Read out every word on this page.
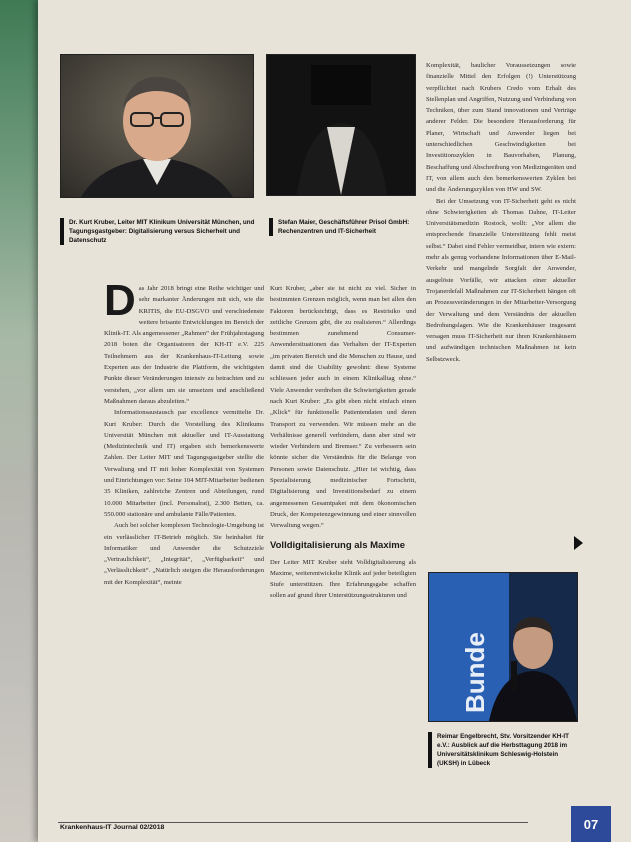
Dr. Kurt Kruber, Leiter MIT Klinikum Universität München, und Tagungsgastgeber: Digitalisierung versus Sicherheit und Datenschutz
Stefan Maier, Geschäftsführer Prisol GmbH: Rechenzentren und IT-Sicherheit

Das Jahr 2018 bringt eine Reihe wichtiger und sehr markanter Änderungen mit sich, wie die KRITIS, die EU-DSGVO und verschiedenste weitere brisante Entwicklungen im Bereich der Klinik-IT. Als angemessener „Rahmen“ der Frühjahrstagung 2018 boten die Organisatoren der KH-IT e.V. 225 Teilnehmern aus der Krankenhaus-IT-Leitung sowie Experten aus der Industrie die Plattform, die wichtigsten Punkte dieser Veränderungen intensiv zu betrachten und zu verstehen, „vor allem um sie umsetzen und anschließend Maßnahmen daraus abzuleiten.“

Informationsaustausch par excellence vermittelte Dr. Kurt Kruber: Durch die Vorstellung des Klinikums Universität München mit aktueller und IT-Ausstattung (Medizintechnik und IT) ergaben sich bemerkenswerte Zahlen. Der Leiter MIT und Tagungsgastgeber stellte die Verwaltung und IT mit hoher Komplexität von Systemen und Einrichtungen vor: Seine 104 MIT-Mitarbeiter bedienen 35 Kliniken, zahlreiche Zentren und Abteilungen, rund 10.000 Mitarbeiter (incl. Personalrat), 2.300 Betten, ca. 550.000 stationäre und ambulante Fälle/Patienten.

Auch bei solcher komplexen Technologie-Umgebung ist ein verlässlicher IT-Betrieb möglich. Sie beinhaltet für Informatiker und Anwender die Schutzziele „Vertraulichkeit“, „Integrität“, „Verfügbarkeit“ und „Verlässlichkeit“. „Natürlich steigen die Herausforderungen mit der Komplexität“, meinte

Kurt Kruber, „aber sie ist nicht zu viel. Sicher in bestimmten Grenzen möglich, wenn man bei allen den Faktoren berücksichtigt, dass es Restrisiko und zeitliche Grenzen gibt, die zu realisieren.“ Allerdings bestimmen zunehmend Consumer-Anwendersituationen das Verhalten der IT-Experten „im privaten Bereich und die Menschen zu Hause, und damit sind die Usability gewohnt: diese Systeme schliessen jeder auch in einem Klinikalltag ohne.“ Viele Anwender verdrehen die Schwierigkeiten gerade nach Kurt Kruber: „Es gibt eben nicht einfach einen „Klick“ für funktionelle Patientendaten und deren Transport zu verwenden. Wir müssen mehr an die Verhältnisse generell verhindern, dann aber sind wir wieder Verhindern und Bremser.“ Zu verbessern sein könnte sicher die Verständnis für die Belange von Personen sowie Datenschutz. „Hier ist wichtig, dass Spezialisierung medizinischer Fortschritt, Digitalisierung und Investitionsbedarf zu einem angemessenen Gesamtpaket mit dem ökonomischen Druck, der Kompetenzgewinnung und einer sinnvollen Verwaltung wegen.“

Volldigitalisierung als Maxime

Der Leiter MIT Kruber sieht Volldigitalisierung als Maxime, weiterentwickelte Klinik auf jeder beteiligten Stufe unterstützen. Ihre Erfahrungsgabe schaffen sollen auf grund ihrer Unterstützungsstrukturen und

Komplexität, baulicher Voraussetzungen sowie finanzielle Mittel den Erfolgen (!) Unterstützung verpflichtet nach Krubers Credo vom Erhalt des Stellenplan und Angriffen, Nutzung und Verbindung von Techniken, über zum Stand innovationen und Verträge anderer Felder. Die besondere Herausforderung für Planer, Wirtschaft und Anwender liegen bei unterschiedlichen Geschwindigkeiten bei Investitionszyklen in Bauvorhaben, Planung, Beschaffung und Abschreibung von Medizingeräten und IT, von allem auch den bemerkenswerten Zyklen bei und die Änderungszyklen von HW und SW.

Bei der Umsetzung von IT-Sicherheit geht es nicht ohne Schwierigkeiten ab Thomas Dahne, IT-Leiter Universitätsmedizin Rostock, wollt: „Vor allem die entsprechende finanzielle Unterstützung fehlt meist selbst.“ Dabei sind Fehler vermeidbar, intern wie extern: mehr als genug vorhandene Informationen über E-Mail-Verkehr und mangelnde Sorgfalt der Anwender, ausgelöste Vorfälle, wir attacken einer aktueller Trojanerdefall Maßnahmen zur IT-Sicherheit hängen oft an Prozessveränderungen in der Mitarbeiter-Versorgung der Verwaltung und dem Verständnis der aktuellen Bedrohungslagen. Wie die Krankenhäuser insgesamt versagen muss IT-Sicherheit nur ihren Krankenhäusern und aufwändigen technischen Maßnahmen ist kein Selbstzweck.

Bunde
Reimar Engelbrecht, Stv. Vorsitzender KH-IT e.V.: Ausblick auf die Herbsttagung 2018 im Universitätsklinikum Schleswig-Holstein (UKSH) in Lübeck
Krankenhaus-IT Journal 02/2018	07
